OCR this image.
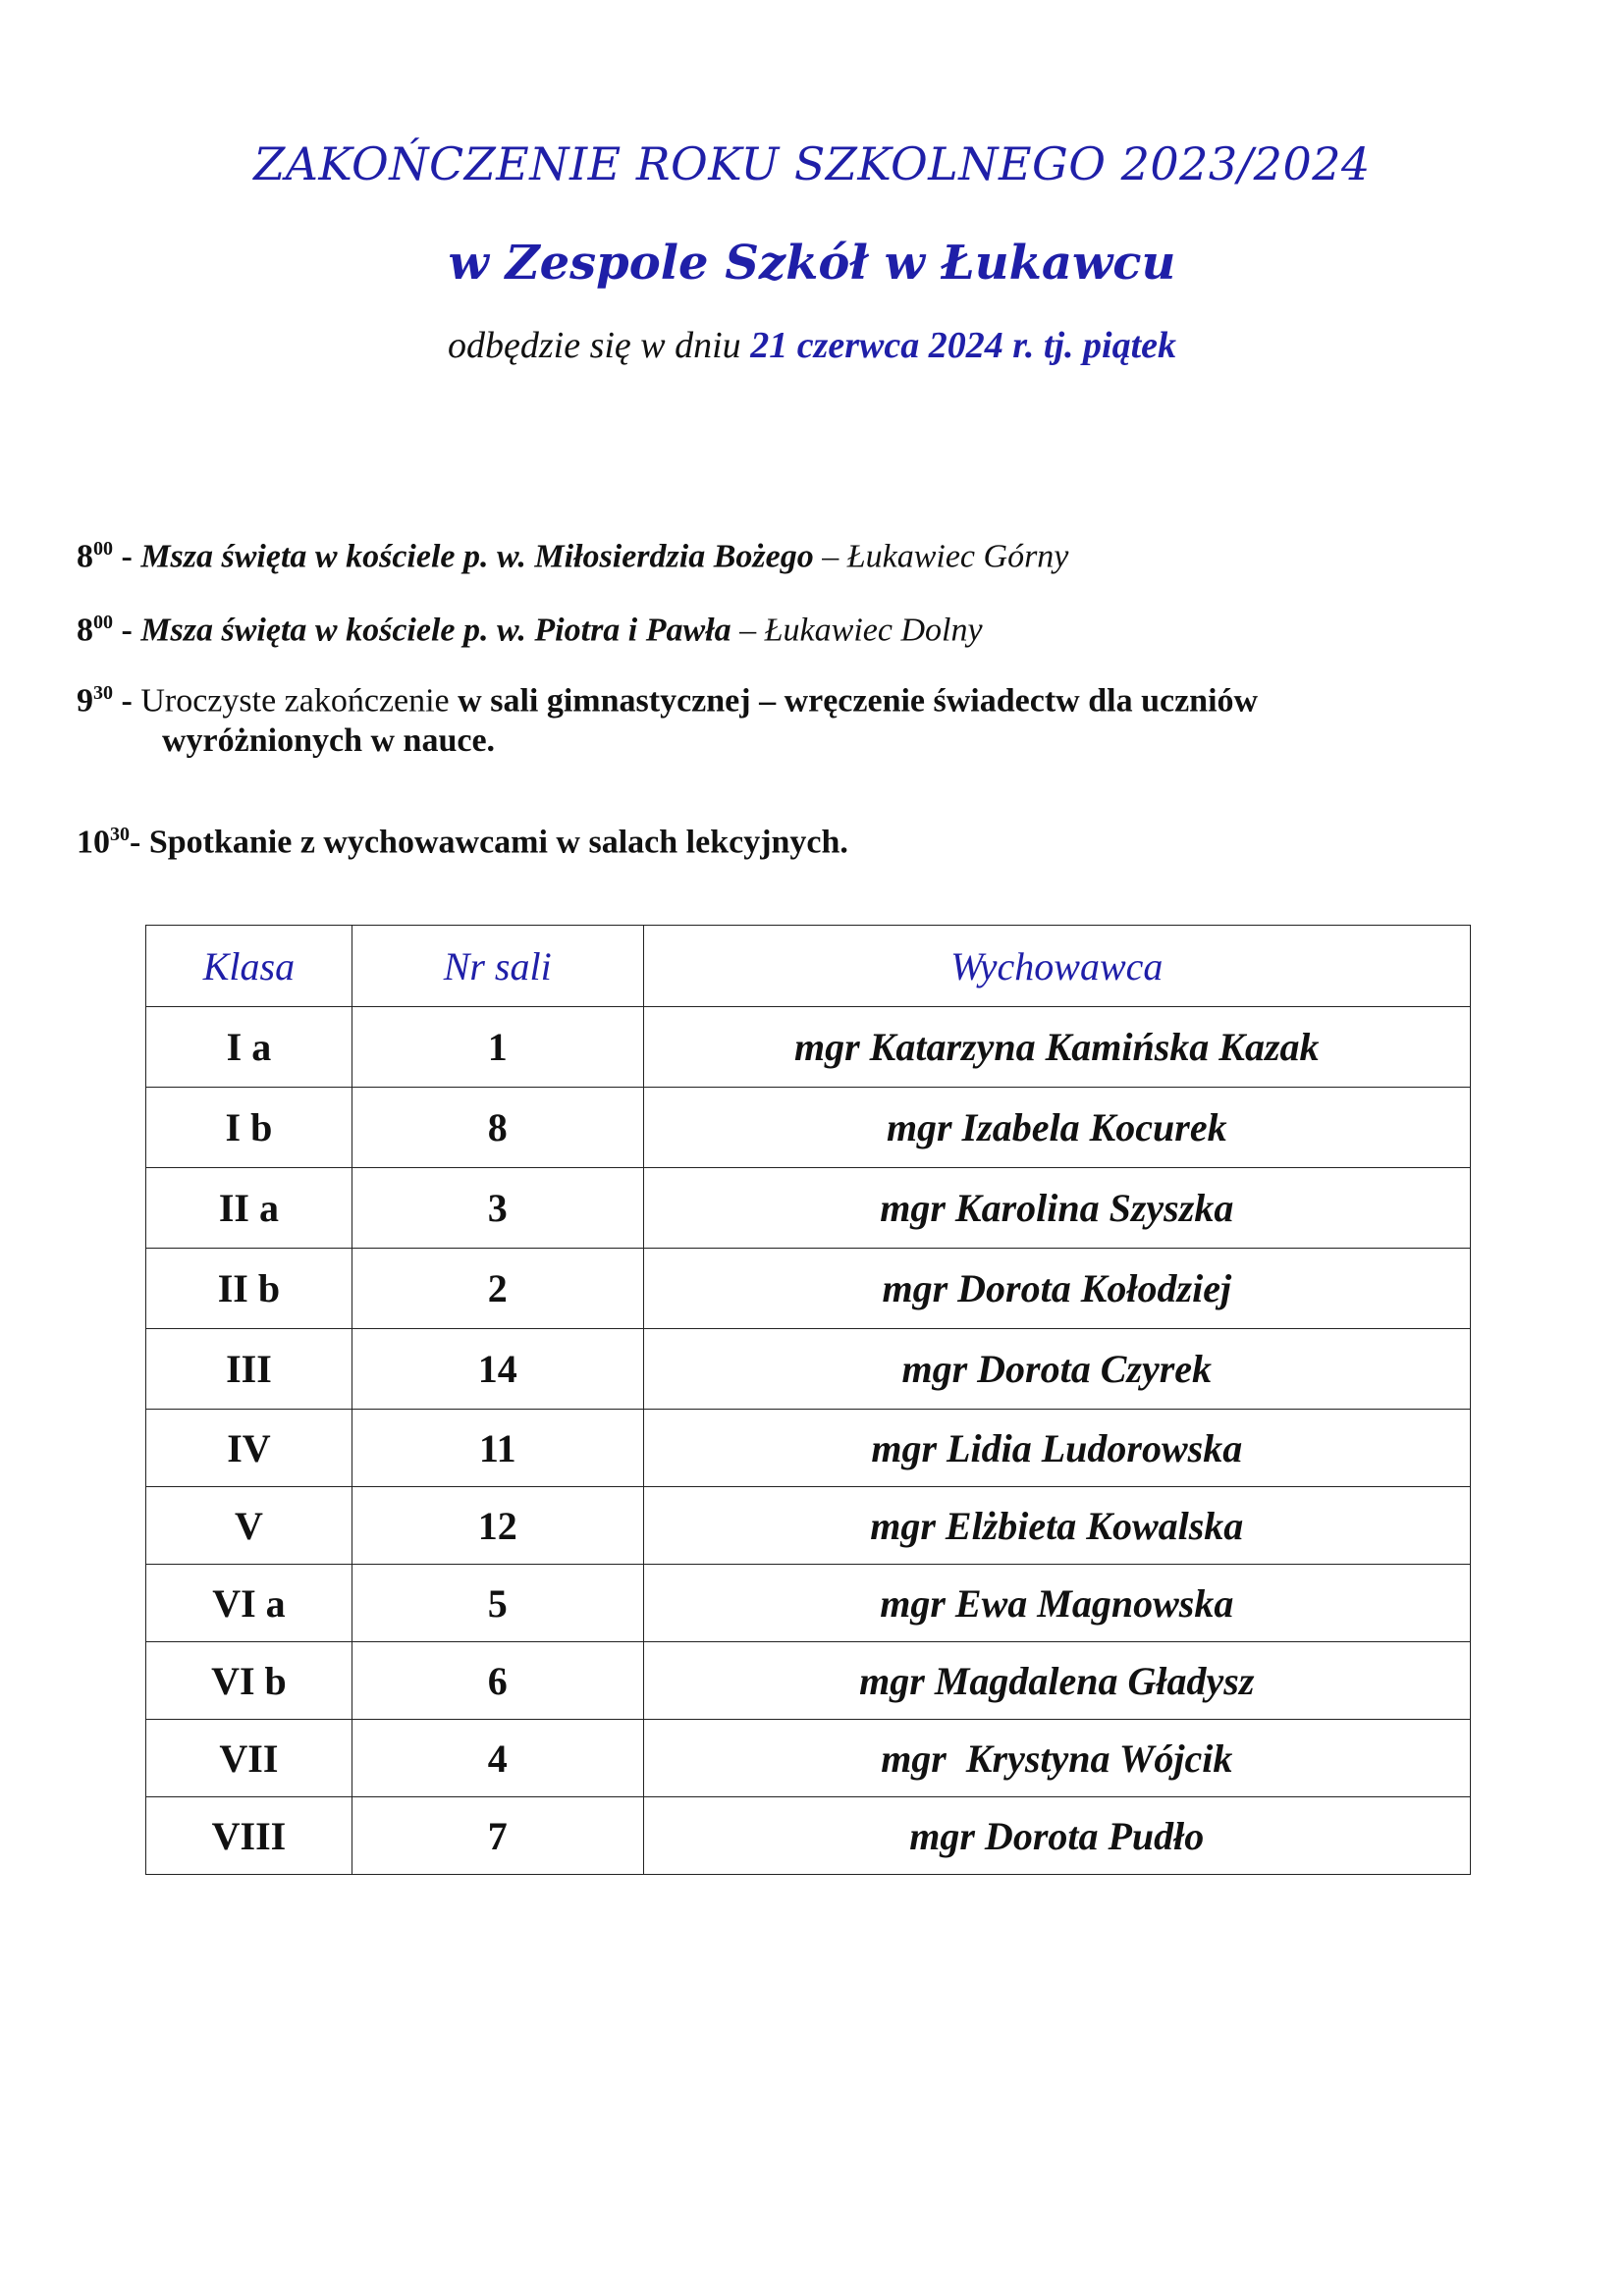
ZAKOŃCZENIE ROKU SZKOLNEGO 2023/2024
w Zespole Szkół w Łukawcu
odbędzie się w dniu 21 czerwca 2024 r. tj. piątek
$8^{00}$ - Msza święta w kościele p. w. Miłosierdzia Bożego – Łukawiec Górny
$8^{00}$ - Msza święta w kościele p. w. Piotra i Pawła – Łukawiec Dolny
$9^{30}$ - Uroczyste zakończenie w sali gimnastycznej – wręczenie świadectw dla uczniów
wyróżnionych w nauce.
$10^{30}-$ Spotkanie z wychowawcami w salach lekcyjnych.
Klasa	Nr sali	Wychowawca
I a	1	mgr Katarzyna Kamińska Kazak
I b	8	mgr Izabela Kocurek
II a	3	mgr Karolina Szyszka
II b	2	mgr Dorota Kołodziej
III	14	mgr Dorota Czyrek
IV	11	mgr Lidia Ludorowska
V	12	mgr Elżbieta Kowalska
VI a	5	mgr Ewa Magnowska
VI b	6	mgr Magdalena Gładysz
VII	4	mgr  Krystyna Wójcik
VIII	7	mgr Dorota Pudło
